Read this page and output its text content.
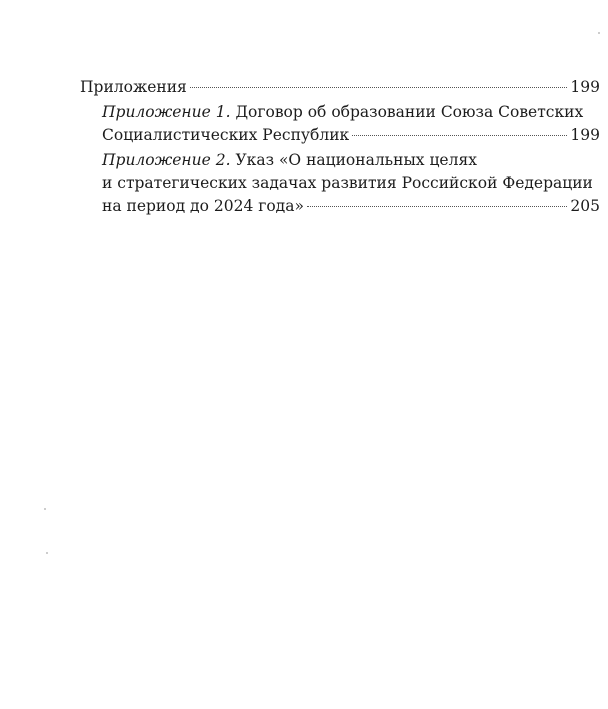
Приложения	199
Приложение 1. Договор об образовании Союза Советских
Социалистических Республик	199
Приложение 2. Указ «О национальных целях
и стратегических задачах развития Российской Федерации
на период до 2024 года»	205
